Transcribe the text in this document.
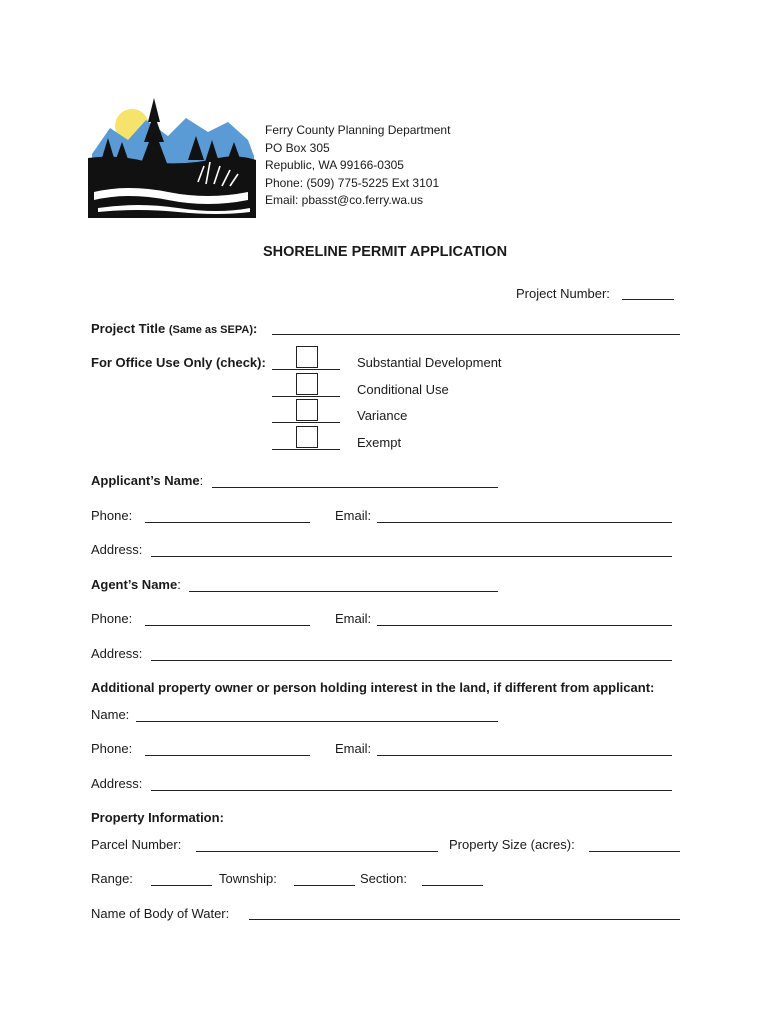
Ferry County Planning Department
PO Box 305
Republic, WA 99166-0305
Phone: (509) 775-5225 Ext 3101
Email: pbasst@co.ferry.wa.us
SHORELINE PERMIT APPLICATION
Project Number:
Project Title (Same as SEPA):
For Office Use Only (check):	Substantial Development
Conditional Use
Variance
Exempt
Applicant’s Name:
Phone:	Email:
Address:
Agent’s Name:
Phone:	Email:
Address:
Additional property owner or person holding interest in the land, if different from applicant:
Name:
Phone:	Email:
Address:
Property Information:
Parcel Number:	Property Size (acres):
Range:	Township:	Section:
Name of Body of Water:
